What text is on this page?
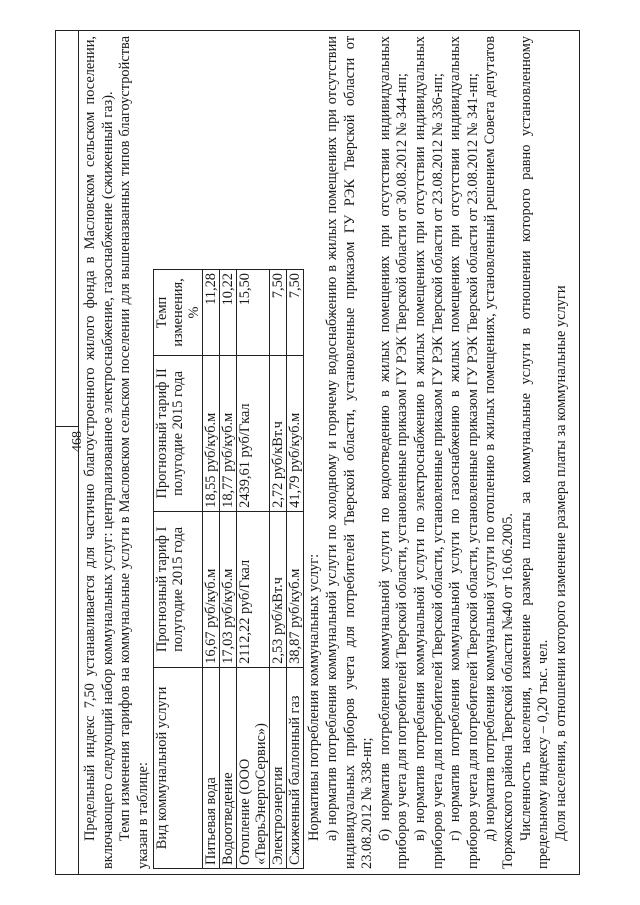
468

Предельный индекс 7,50 устанавливается для частично благоустроенного жилого фонда в Масловском сельском поселении, включающего следующий набор коммунальных услуг: централизованное электроснабжение, газоснабжение (сжиженный газ). Темп изменения тарифов на коммунальные услуги в Масловском сельском поселении для вышеназванных типов благоустройства указан в таблице: Вид коммунальной услуги	Прогнозный тариф I полугодие 2015 года	Прогнозный тариф II полугодие 2015 года	Темп изменения, %
Питьевая вода	16,67 руб/куб.м	18,55 руб/куб.м	11,28
Водоотведение	17,03 руб/куб.м	18,77 руб/куб.м	10,22
Отопление (ООО «ТверьЭнергоСервис»)	2112,22 руб/Гкал	2439,61 руб/Гкал	15,50
Электроэнергия	2,53 руб/кВт.ч	2,72 руб/кВт.ч	7,50
Сжиженный баллонный газ	38,87 руб/куб.м	41,79 руб/куб.м	7,50

Нормативы потребления коммунальных услуг: а) норматив потребления коммунальной услуги по холодному и горячему водоснабжению в жилых помещениях при отсутствии индивидуальных приборов учета для потребителей Тверской области, установленные приказом ГУ РЭК Тверской области от 23.08.2012 № 338-нп; б) норматив потребления коммунальной услуги по водоотведению в жилых помещениях при отсутствии индивидуальных приборов учета для потребителей Тверской области, установленные приказом ГУ РЭК Тверской области от 30.08.2012 № 344-нп; в) норматив потребления коммунальной услуги по электроснабжению в жилых помещениях при отсутствии индивидуальных приборов учета для потребителей Тверской области, установленные приказом ГУ РЭК Тверской области от 23.08.2012 № 336-нп; г) норматив потребления коммунальной услуги по газоснабжению в жилых помещениях при отсутствии индивидуальных приборов учета для потребителей Тверской области, установленные приказом ГУ РЭК Тверской области от 23.08.2012 № 341-нп; д) норматив потребления коммунальной услуги по отоплению в жилых помещениях, установленный решением Совета депутатов Торжокского района Тверской области №40 от 16.06.2005. Численность населения, изменение размера платы за коммунальные услуги в отношении которого равно установленному предельному индексу – 0,20 тыс. чел. Доля населения, в отношении которого изменение размера платы за коммунальные услуги
